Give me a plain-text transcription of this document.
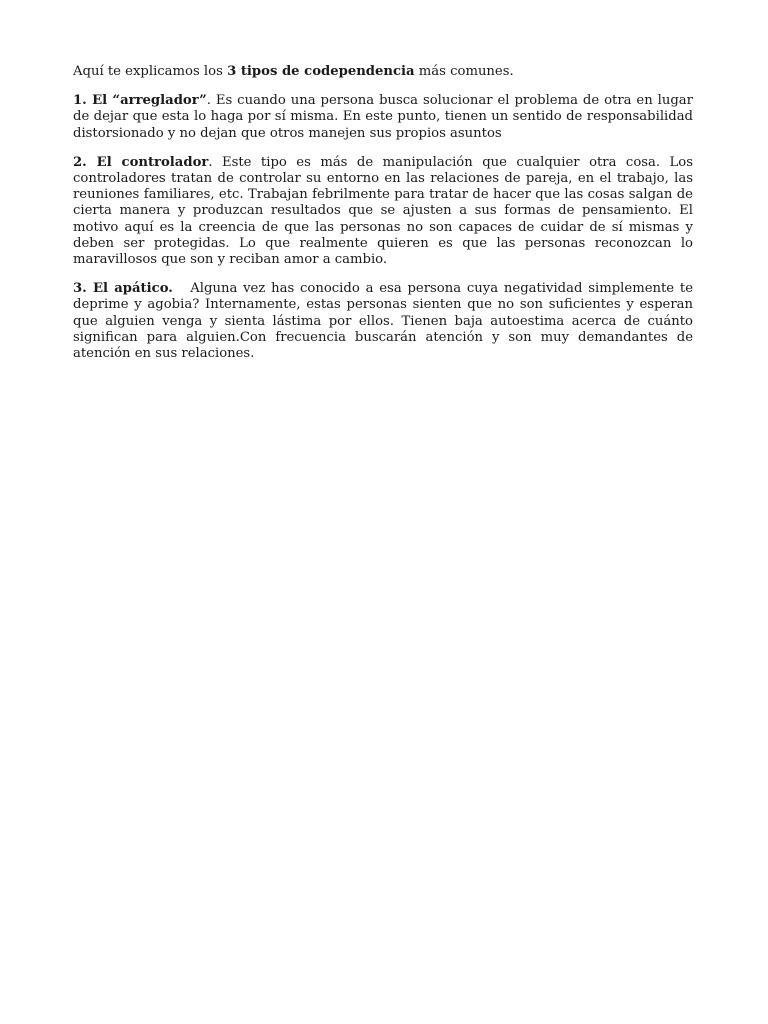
Aquí te explicamos los 3 tipos de codependencia más comunes.

1. El “arreglador”. Es cuando una persona busca solucionar el problema de otra en lugar de dejar que esta lo haga por sí misma. En este punto, tienen un sentido de responsabilidad distorsionado y no dejan que otros manejen sus propios asuntos

2. El controlador. Este tipo es más de manipulación que cualquier otra cosa. Los controladores tratan de controlar su entorno en las relaciones de pareja, en el trabajo, las reuniones familiares, etc. Trabajan febrilmente para tratar de hacer que las cosas salgan de cierta manera y produzcan resultados que se ajusten a sus formas de pensamiento. El motivo aquí es la creencia de que las personas no son capaces de cuidar de sí mismas y deben ser protegidas. Lo que realmente quieren es que las personas reconozcan lo maravillosos que son y reciban amor a cambio.

3. El apático.   Alguna vez has conocido a esa persona cuya negatividad simplemente te deprime y agobia? Internamente, estas personas sienten que no son suficientes y esperan que alguien venga y sienta lástima por ellos. Tienen baja autoestima acerca de cuánto significan para alguien.Con frecuencia buscarán atención y son muy demandantes de atención en sus relaciones.
